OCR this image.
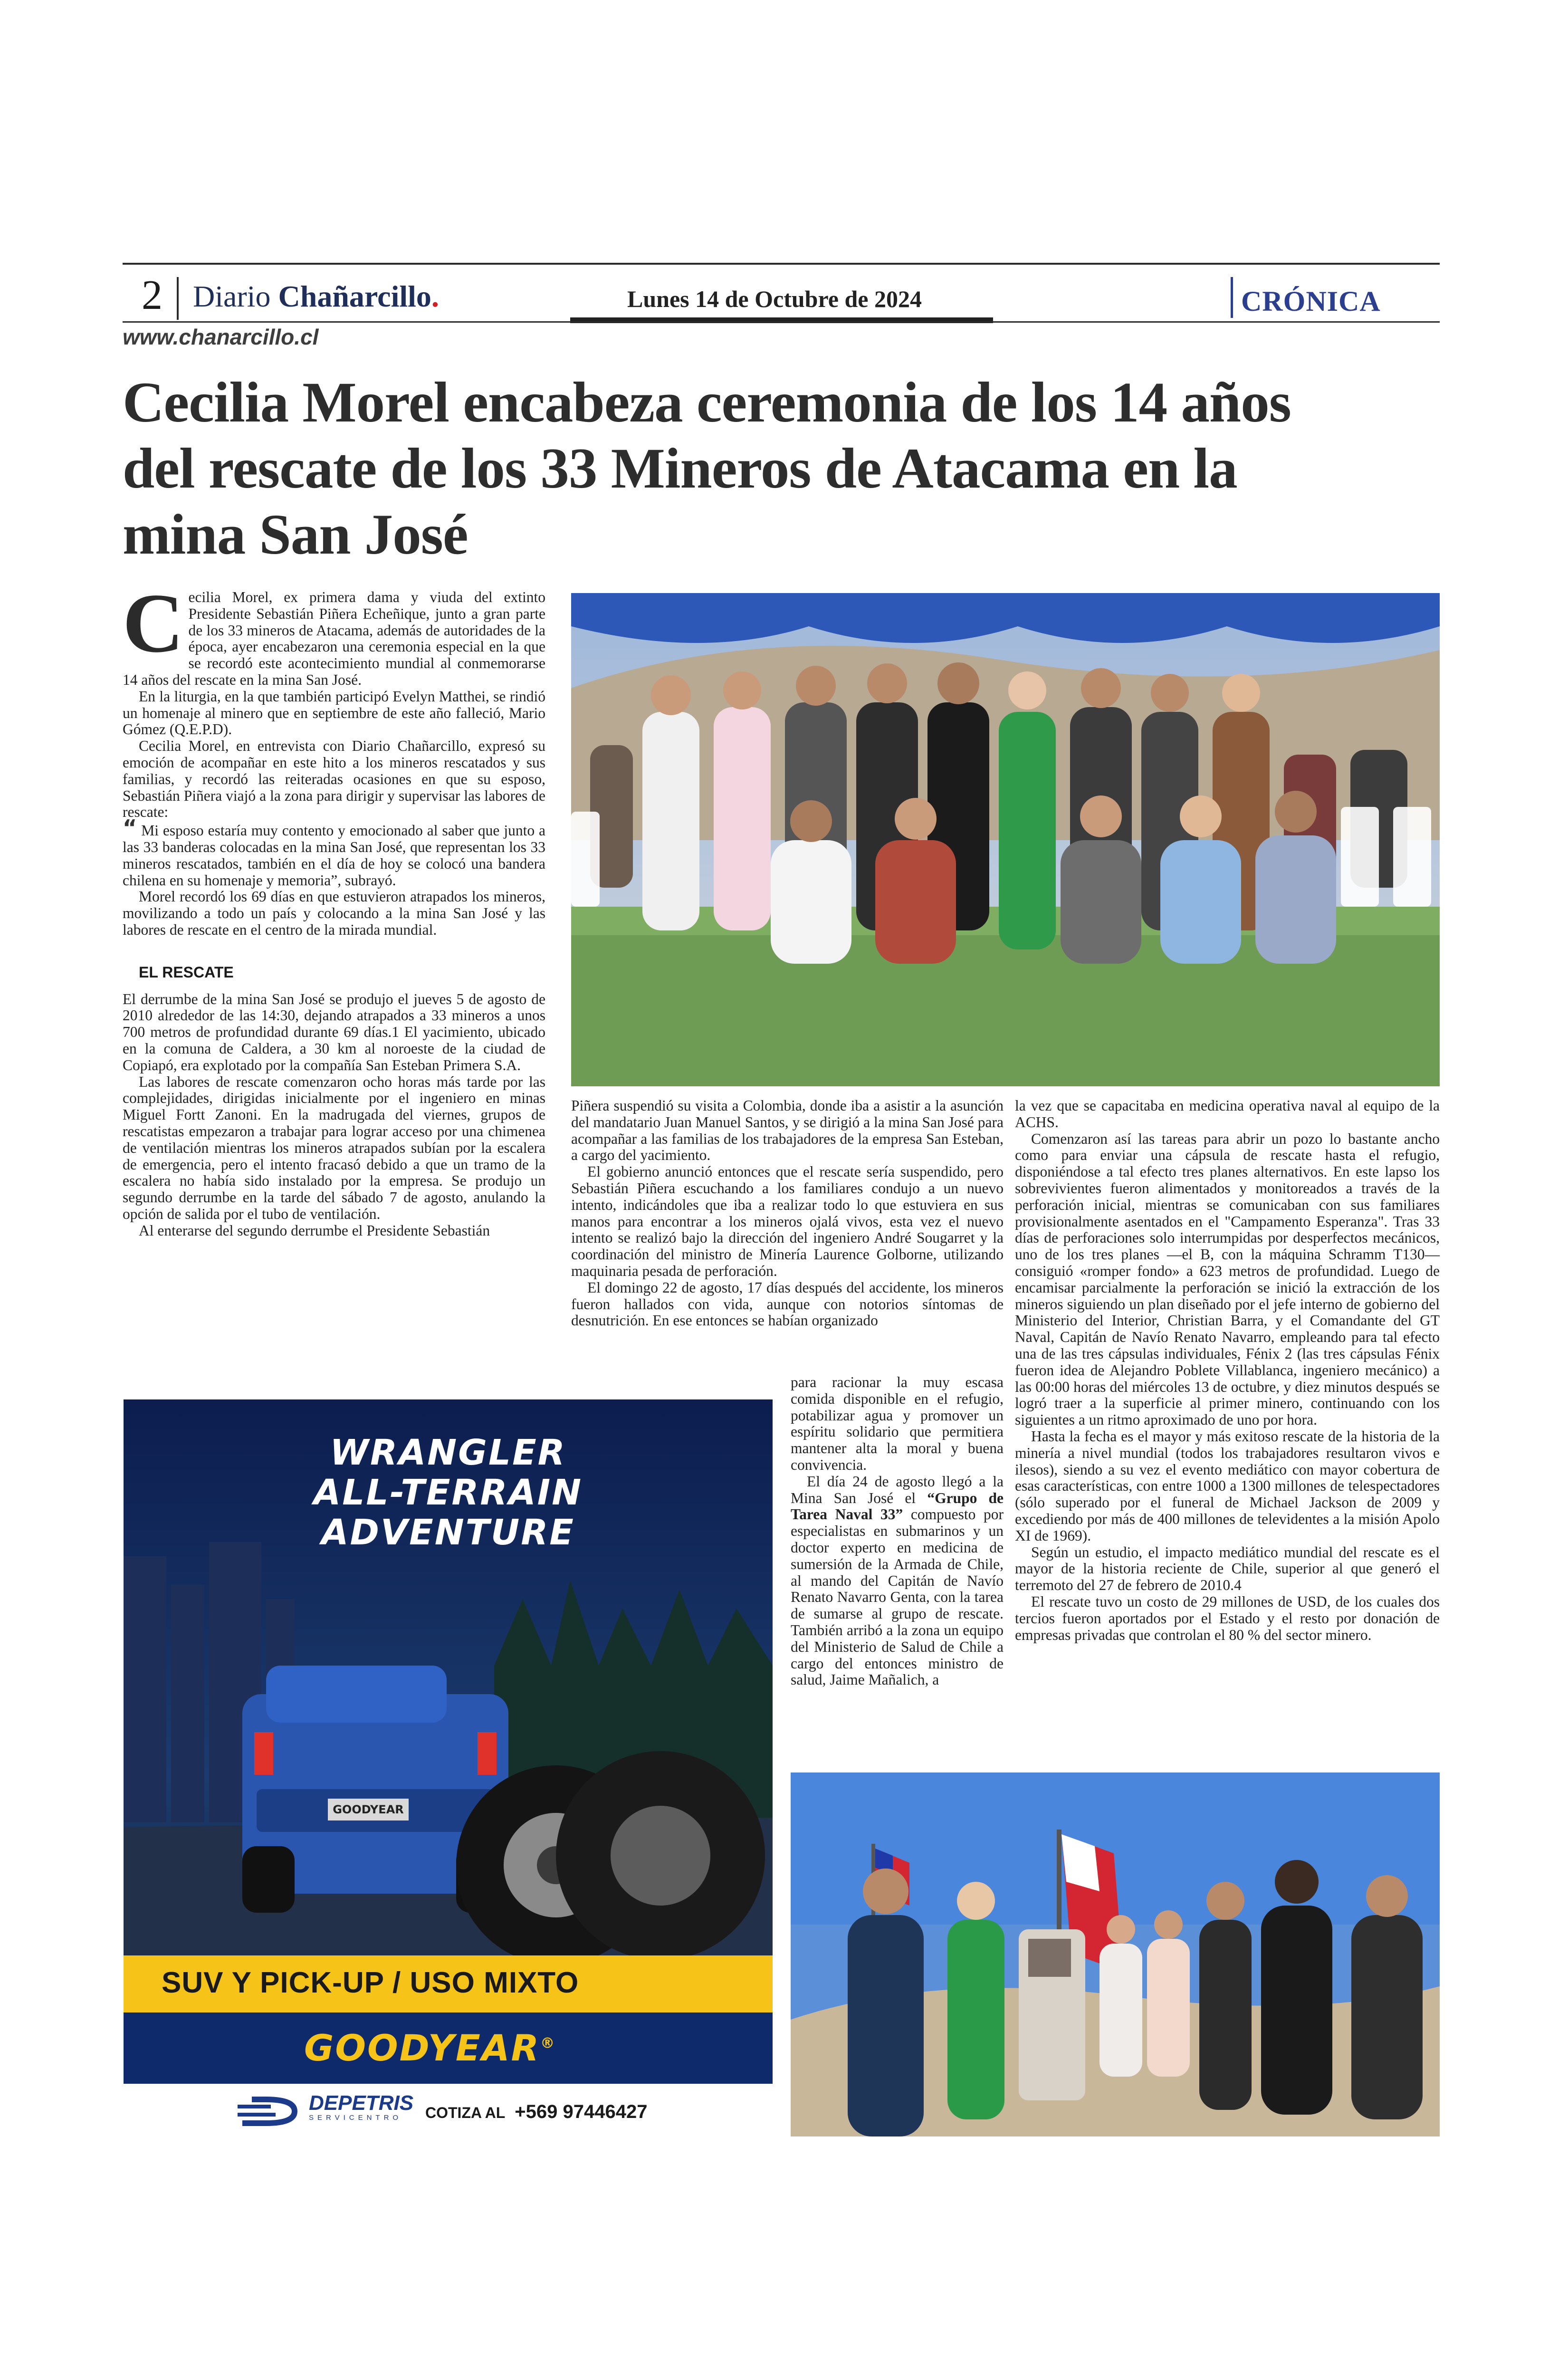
2 Diario Chañarcillo.	Lunes 14 de Octubre de 2024	CRÓNICA
www.chanarcillo.cl
Cecilia Morel encabeza ceremonia de los 14 años del rescate de los 33 Mineros de Atacama en la mina San José

Cecilia Morel, ex primera dama y viuda del extinto Presidente Sebastián Piñera Echeñique, junto a gran parte de los 33 mineros de Atacama, además de autoridades de la época, ayer encabezaron una ceremonia especial en la que se recordó este acontecimiento mundial al conmemorarse 14 años del rescate en la mina San José.

En la liturgia, en la que también participó Evelyn Matthei, se rindió un homenaje al minero que en septiembre de este año falleció, Mario Gómez (Q.E.P.D).

Cecilia Morel, en entrevista con Diario Chañarcillo, expresó su emoción de acompañar en este hito a los mineros rescatados y sus familias, y recordó las reiteradas ocasiones en que su esposo, Sebastián Piñera viajó a la zona para dirigir y supervisar las labores de rescate:

“ Mi esposo estaría muy contento y emocionado al saber que junto a las 33 banderas colocadas en la mina San José, que representan los 33 mineros rescatados, también en el día de hoy se colocó una bandera chilena en su homenaje y memoria”, subrayó.

Morel recordó los 69 días en que estuvieron atrapados los mineros, movilizando a todo un país y colocando a la mina San José y las labores de rescate en el centro de la mirada mundial.

EL RESCATE

El derrumbe de la mina San José se produjo el jueves 5 de agosto de 2010 alrededor de las 14:30, dejando atrapados a 33 mineros a unos 700 metros de profundidad durante 69 días.1 El yacimiento, ubicado en la comuna de Caldera, a 30 km al noroeste de la ciudad de Copiapó, era explotado por la compañía San Esteban Primera S.A.

Las labores de rescate comenzaron ocho horas más tarde por las complejidades, dirigidas inicialmente por el ingeniero en minas Miguel Fortt Zanoni. En la madrugada del viernes, grupos de rescatistas empezaron a trabajar para lograr acceso por una chimenea de ventilación mientras los mineros atrapados subían por la escalera de emergencia, pero el intento fracasó debido a que un tramo de la escalera no había sido instalado por la empresa. Se produjo un segundo derrumbe en la tarde del sábado 7 de agosto, anulando la opción de salida por el tubo de ventilación.

Al enterarse del segundo derrumbe el Presidente Sebastián

Piñera suspendió su visita a Colombia, donde iba a asistir a la asunción del mandatario Juan Manuel Santos, y se dirigió a la mina San José para acompañar a las familias de los trabajadores de la empresa San Esteban, a cargo del yacimiento.

El gobierno anunció entonces que el rescate sería suspendido, pero Sebastián Piñera escuchando a los familiares condujo a un nuevo intento, indicándoles que iba a realizar todo lo que estuviera en sus manos para encontrar a los mineros ojalá vivos, esta vez el nuevo intento se realizó bajo la dirección del ingeniero André Sougarret y la coordinación del ministro de Minería Laurence Golborne, utilizando maquinaria pesada de perforación.

El domingo 22 de agosto, 17 días después del accidente, los mineros fueron hallados con vida, aunque con notorios síntomas de desnutrición. En ese entonces se habían organizado

para racionar la muy escasa comida disponible en el refugio, potabilizar agua y promover un espíritu solidario que permitiera mantener alta la moral y buena convivencia.

El día 24 de agosto llegó a la Mina San José el “Grupo de Tarea Naval 33” compuesto por especialistas en submarinos y un doctor experto en medicina de sumersión de la Armada de Chile, al mando del Capitán de Navío Renato Navarro Genta, con la tarea de sumarse al grupo de rescate. También arribó a la zona un equipo del Ministerio de Salud de Chile a cargo del entonces ministro de salud, Jaime Mañalich, a

la vez que se capacitaba en medicina operativa naval al equipo de la ACHS.

Comenzaron así las tareas para abrir un pozo lo bastante ancho como para enviar una cápsula de rescate hasta el refugio, disponiéndose a tal efecto tres planes alternativos. En este lapso los sobrevivientes fueron alimentados y monitoreados a través de la perforación inicial, mientras se comunicaban con sus familiares provisionalmente asentados en el "Campamento Esperanza". Tras 33 días de perforaciones solo interrumpidas por desperfectos mecánicos, uno de los tres planes —el B, con la máquina Schramm T130— consiguió «romper fondo» a 623 metros de profundidad. Luego de encamisar parcialmente la perforación se inició la extracción de los mineros siguiendo un plan diseñado por el jefe interno de gobierno del Ministerio del Interior, Christian Barra, y el Comandante del GT Naval, Capitán de Navío Renato Navarro, empleando para tal efecto una de las tres cápsulas individuales, Fénix 2 (las tres cápsulas Fénix fueron idea de Alejandro Poblete Villablanca, ingeniero mecánico) a las 00:00 horas del miércoles 13 de octubre, y diez minutos después se logró traer a la superficie al primer minero, continuando con los siguientes a un ritmo aproximado de uno por hora.

Hasta la fecha es el mayor y más exitoso rescate de la historia de la minería a nivel mundial (todos los trabajadores resultaron vivos e ilesos), siendo a su vez el evento mediático con mayor cobertura de esas características, con entre 1000 a 1300 millones de telespectadores (sólo superado por el funeral de Michael Jackson de 2009 y excediendo por más de 400 millones de televidentes a la misión Apolo XI de 1969).

Según un estudio, el impacto mediático mundial del rescate es el mayor de la historia reciente de Chile, superior al que generó el terremoto del 27 de febrero de 2010.4

El rescate tuvo un costo de 29 millones de USD, de los cuales dos tercios fueron aportados por el Estado y el resto por donación de empresas privadas que controlan el 80 % del sector minero.

WRANGLER
ALL-TERRAIN
ADVENTURE
GOODYEAR
SUV Y PICK-UP / USO MIXTO
GOODYEAR®
DEPETRIS
SERVICENTRO	COTIZA AL +569 97446427
